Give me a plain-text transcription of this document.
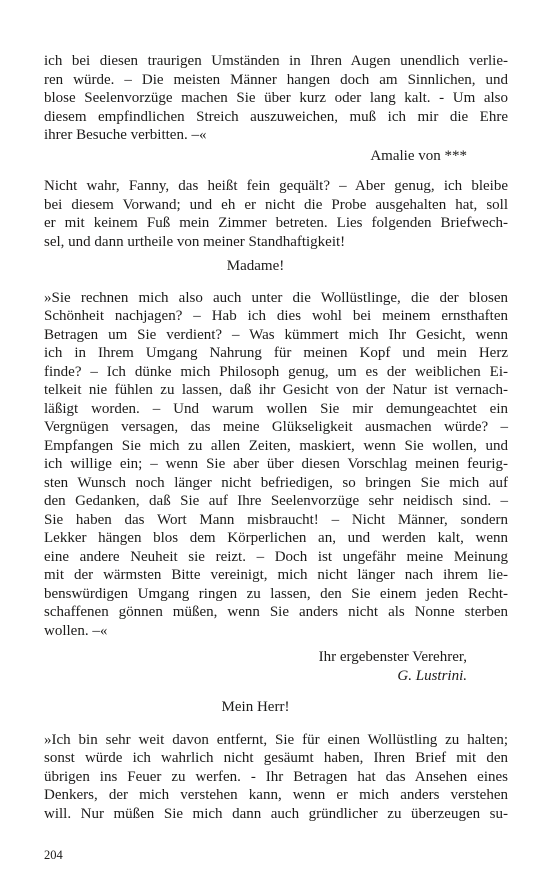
ich bei diesen traurigen Umständen in Ihren Augen unendlich verlie-
ren würde. – Die meisten Männer hangen doch am Sinnlichen, und
blose Seelenvorzüge machen Sie über kurz oder lang kalt. - Um also
diesem empfindlichen Streich auszuweichen, muß ich mir die Ehre
ihrer Besuche verbitten. –«
Amalie von ***
Nicht wahr, Fanny, das heißt fein gequält? – Aber genug, ich bleibe
bei diesem Vorwand; und eh er nicht die Probe ausgehalten hat, soll
er mit keinem Fuß mein Zimmer betreten. Lies folgenden Briefwech-
sel, und dann urtheile von meiner Standhaftigkeit!
Madame!
»Sie rechnen mich also auch unter die Wollüstlinge, die der blosen
Schönheit nachjagen? – Hab ich dies wohl bei meinem ernsthaften
Betragen um Sie verdient? – Was kümmert mich Ihr Gesicht, wenn
ich in Ihrem Umgang Nahrung für meinen Kopf und mein Herz
finde? – Ich dünke mich Philosoph genug, um es der weiblichen Ei-
telkeit nie fühlen zu lassen, daß ihr Gesicht von der Natur ist vernach-
läßigt worden. – Und warum wollen Sie mir demungeachtet ein
Vergnügen versagen, das meine Glükseligkeit ausmachen würde? –
Empfangen Sie mich zu allen Zeiten, maskiert, wenn Sie wollen, und
ich willige ein; – wenn Sie aber über diesen Vorschlag meinen feurig-
sten Wunsch noch länger nicht befriedigen, so bringen Sie mich auf
den Gedanken, daß Sie auf Ihre Seelenvorzüge sehr neidisch sind. –
Sie haben das Wort Mann misbraucht! – Nicht Männer, sondern
Lekker hängen blos dem Körperlichen an, und werden kalt, wenn
eine andere Neuheit sie reizt. – Doch ist ungefähr meine Meinung
mit der wärmsten Bitte vereinigt, mich nicht länger nach ihrem lie-
benswürdigen Umgang ringen zu lassen, den Sie einem jeden Recht-
schaffenen gönnen müßen, wenn Sie anders nicht als Nonne sterben
wollen. –«
Ihr ergebenster Verehrer,
G. Lustrini.
Mein Herr!
»Ich bin sehr weit davon entfernt, Sie für einen Wollüstling zu halten;
sonst würde ich wahrlich nicht gesäumt haben, Ihren Brief mit den
übrigen ins Feuer zu werfen. - Ihr Betragen hat das Ansehen eines
Denkers, der mich verstehen kann, wenn er mich anders verstehen
will. Nur müßen Sie mich dann auch gründlicher zu überzeugen su-
204
